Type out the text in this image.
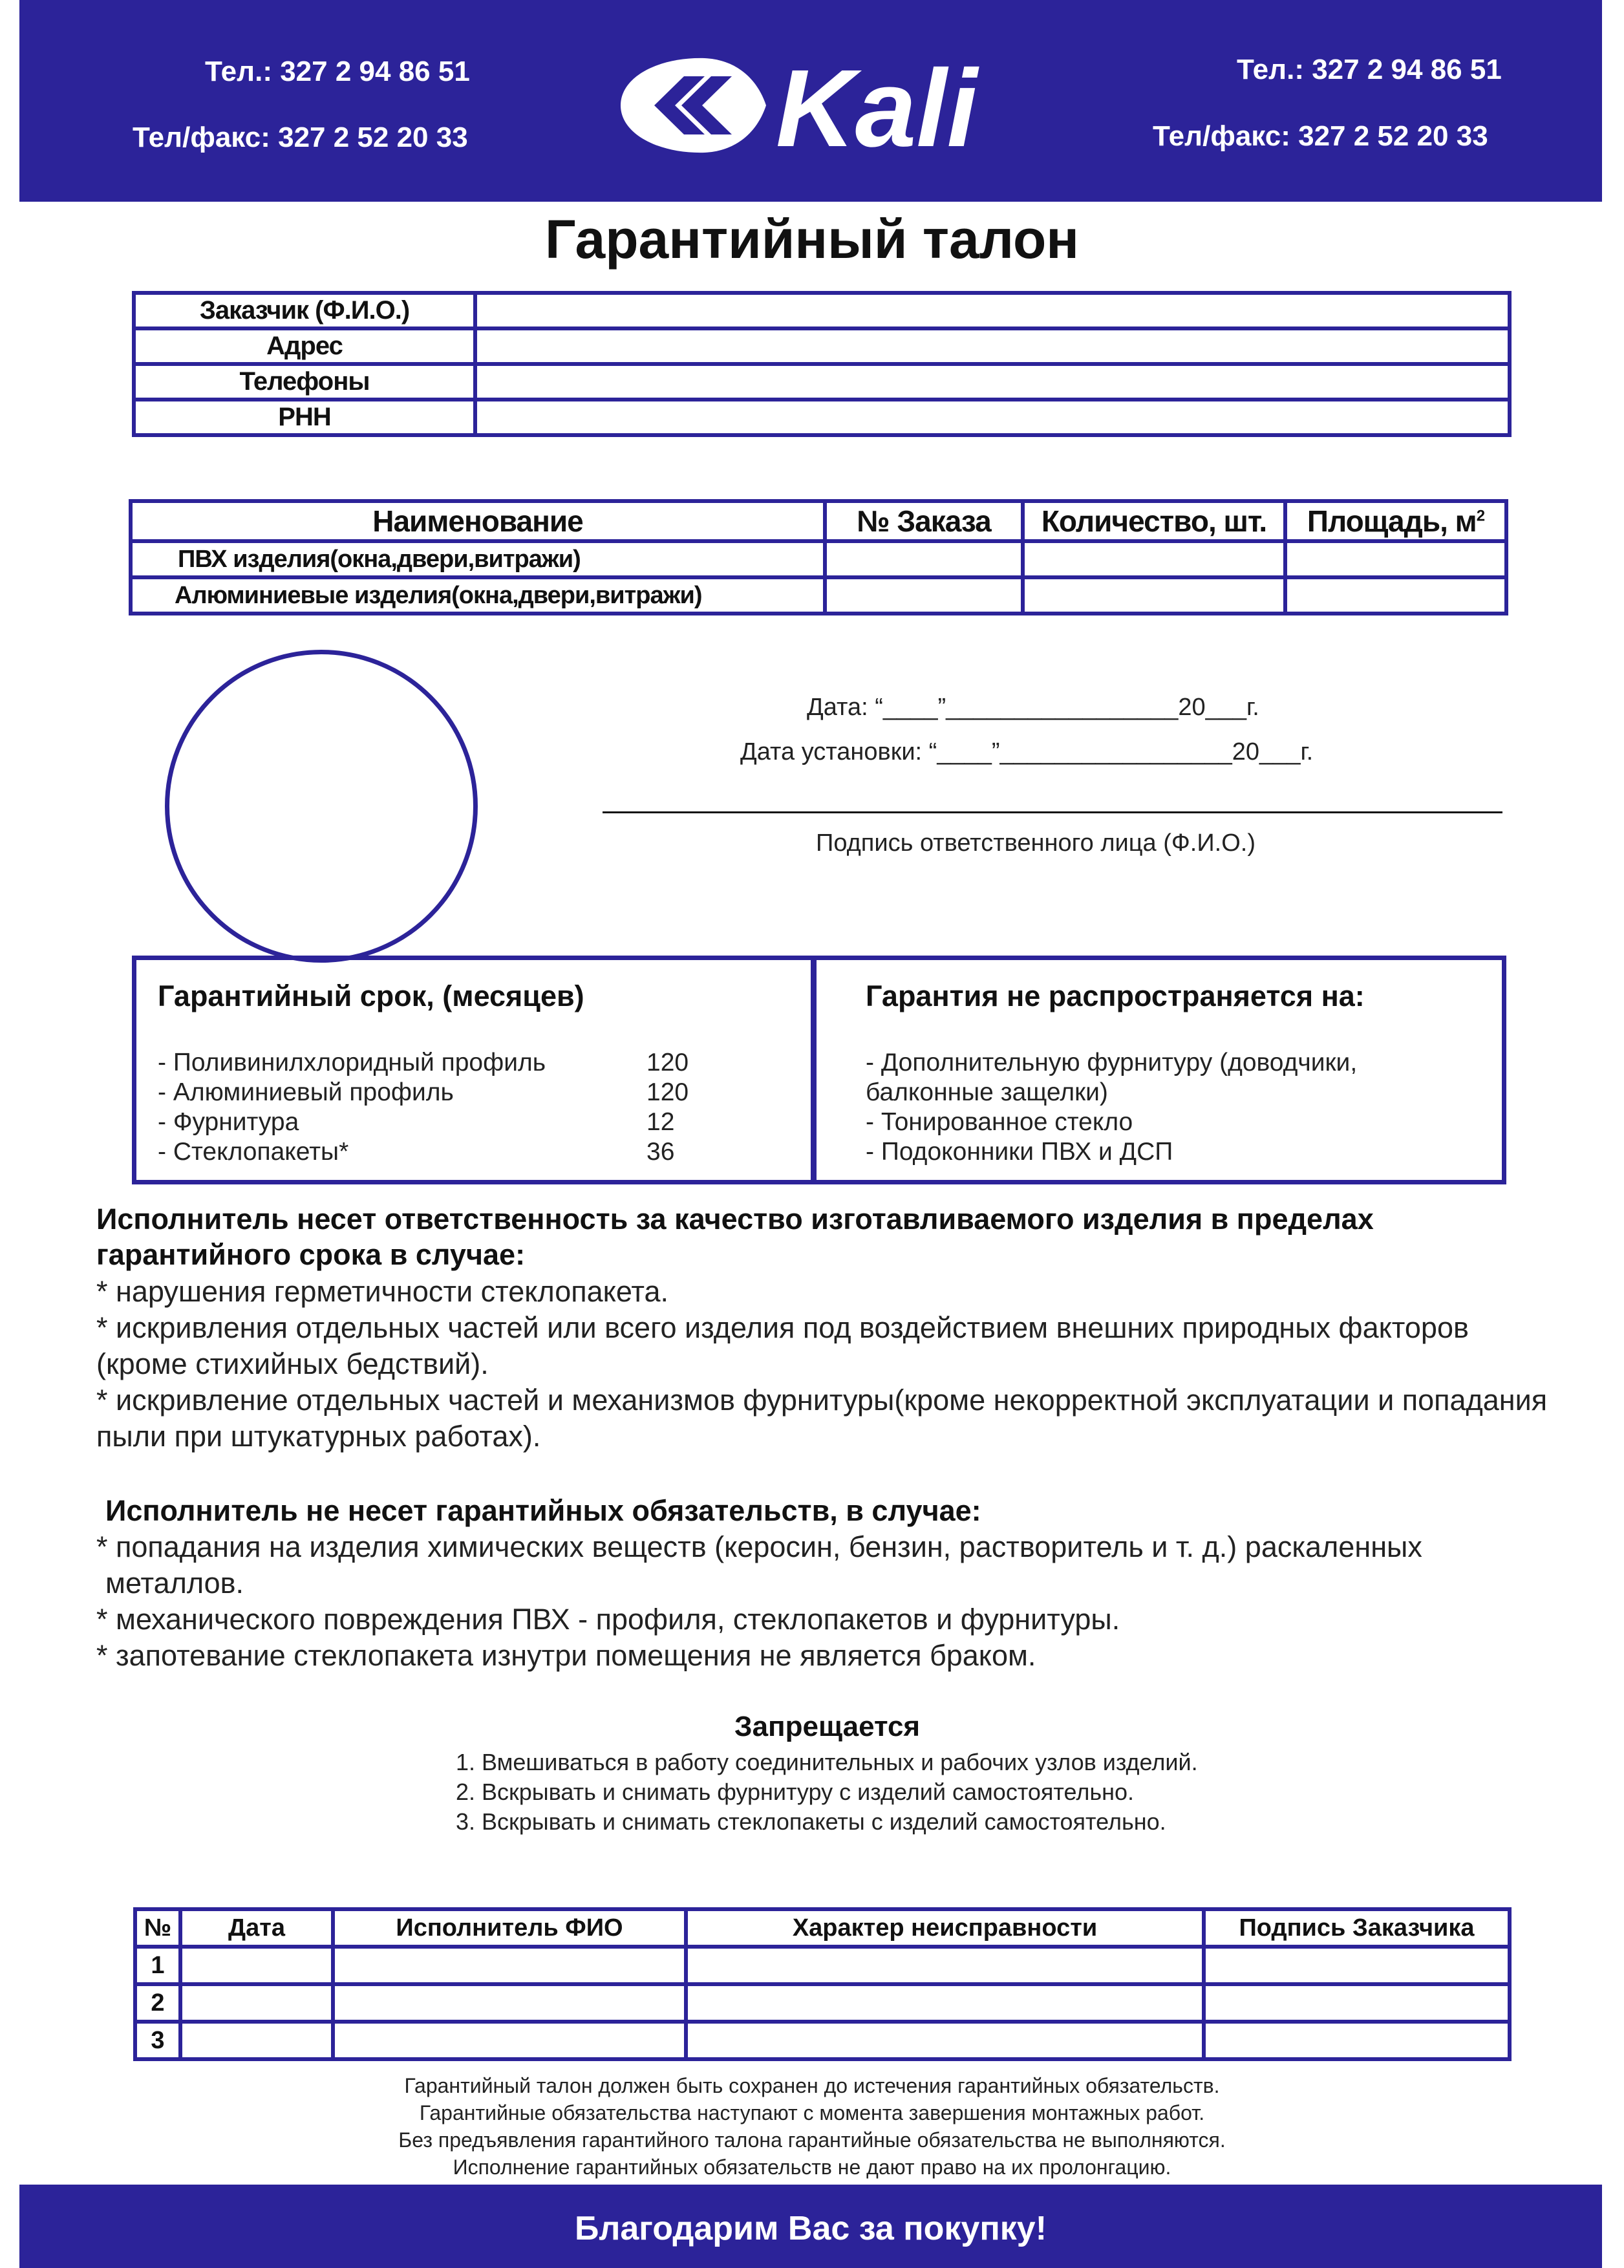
Тел.: 327 2 94 86 51
Тел/факс: 327 2 52 20 33
Тел.: 327 2 94 86 51
Тел/факс: 327 2 52 20 33
Kali
Гарантийный талон
Заказчик (Ф.И.О.)	
Адрес	
Телефоны	
РНН	
Наименование	№ Заказа	Количество, шт.	Площадь, $м^2$
ПВХ изделия(окна,двери,витражи)			
Алюминиевые изделия(окна,двери,витражи)			
Дата: “____”_________________20___г.
Дата установки: “____”_________________20___г.
Подпись ответственного лица (Ф.И.О.)
Гарантийный срок, (месяцев)
- Поливинилхлоридный профиль	120
- Алюминиевый профиль	120
- Фурнитура	12
- Стеклопакеты*	36
Гарантия не распространяется на:
- Дополнительную фурнитуру (доводчики,
балконные защелки)
- Тонированное стекло
- Подоконники ПВХ и ДСП
Исполнитель несет ответственность за качество изготавливаемого изделия в пределах
гарантийного срока в случае:
* нарушения герметичности стеклопакета.
* искривления отдельных частей или всего изделия под воздействием внешних природных факторов
(кроме стихийных бедствий).
* искривление отдельных частей и механизмов фурнитуры(кроме некорректной эксплуатации и попадания
пыли при штукатурных работах).
Исполнитель не несет гарантийных обязательств, в случае:
* попадания на изделия химических веществ (керосин, бензин, растворитель и т. д.) раскаленных
металлов.
* механического повреждения ПВХ - профиля, стеклопакетов и фурнитуры.
* запотевание стеклопакета изнутри помещения не является браком.
Запрещается
1. Вмешиваться в работу соединительных и рабочих узлов изделий.
2. Вскрывать и снимать фурнитуру с изделий самостоятельно.
3. Вскрывать и снимать стеклопакеты с изделий самостоятельно.
№	Дата	Исполнитель ФИО	Характер неисправности	Подпись Заказчика
1				
2				
3				
Гарантийный талон должен быть сохранен до истечения гарантийных обязательств.
Гарантийные обязательства наступают с момента завершения монтажных работ.
Без предъявления гарантийного талона гарантийные обязательства не выполняются.
Исполнение гарантийных обязательств не дают право на их пролонгацию.
Благодарим Вас за покупку!
